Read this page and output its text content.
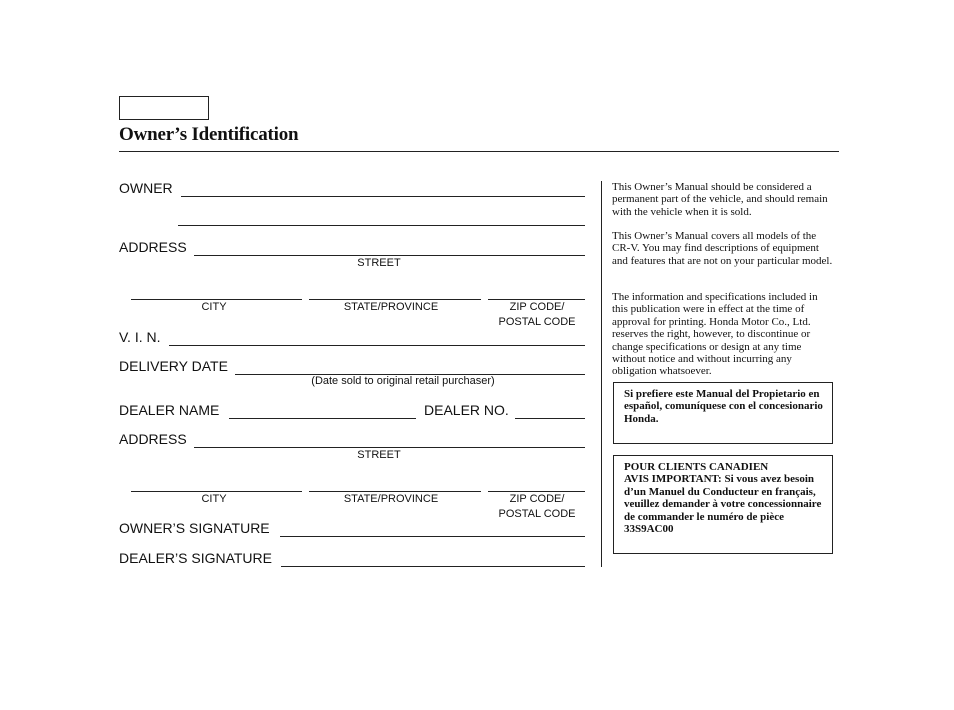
Owner’s Identification
OWNER
ADDRESS
STREET
CITY	STATE/PROVINCE	ZIP CODE/
POSTAL CODE
V. I. N.
DELIVERY DATE
(Date sold to original retail purchaser)
DEALER NAME	DEALER NO.
ADDRESS
STREET
CITY	STATE/PROVINCE	ZIP CODE/
POSTAL CODE
OWNER’S SIGNATURE
DEALER’S SIGNATURE
This Owner’s Manual should be considered a permanent part of the vehicle, and should remain with the vehicle when it is sold.
This Owner’s Manual covers all models of the CR-V. You may find descriptions of equipment and features that are not on your particular model.
The information and specifications included in this publication were in effect at the time of approval for printing. Honda Motor Co., Ltd. reserves the right, however, to discontinue or change specifications or design at any time without notice and without incurring any obligation whatsoever.
Si prefiere este Manual del Propietario en español, comuníquese con el concesionario Honda.
POUR CLIENTS CANADIEN
AVIS IMPORTANT: Si vous avez besoin d’un Manuel du Conducteur en français, veuillez demander à votre concessionnaire de commander le numéro de pièce 33S9AC00
